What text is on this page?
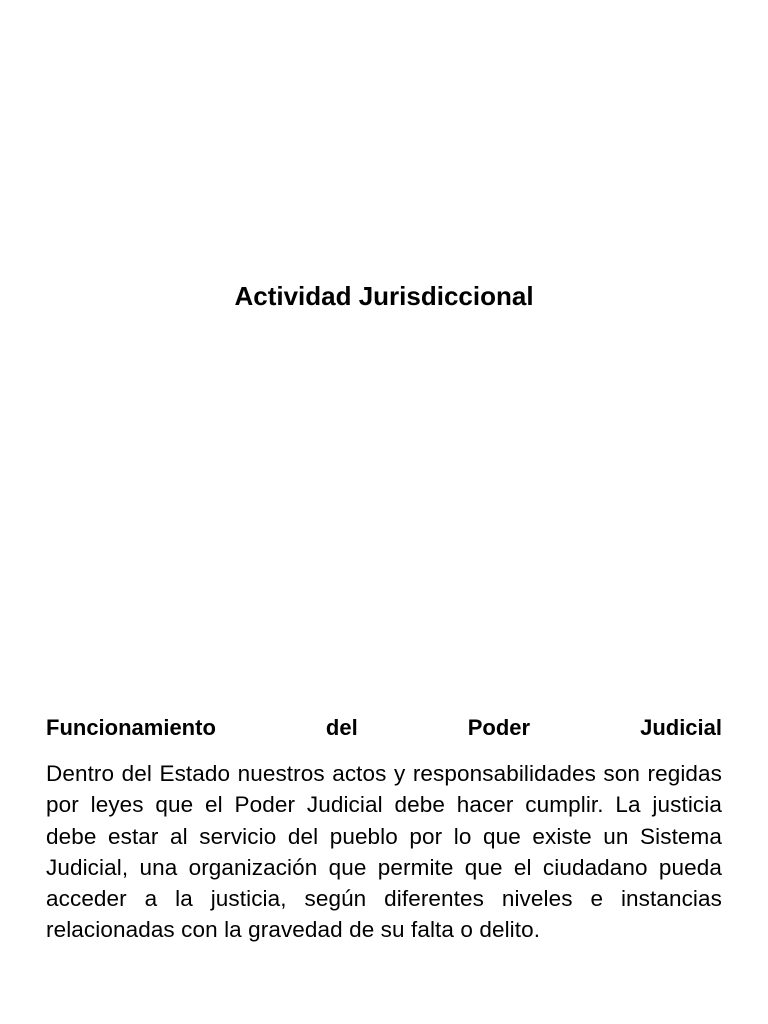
Actividad Jurisdiccional
Funcionamiento del Poder Judicial

Dentro del Estado nuestros actos y responsabilidades son regidas por leyes que el Poder Judicial debe hacer cumplir. La justicia debe estar al servicio del pueblo por lo que existe un Sistema Judicial, una organización que permite que el ciudadano pueda acceder a la justicia, según diferentes niveles e instancias relacionadas con la gravedad de su falta o delito.
